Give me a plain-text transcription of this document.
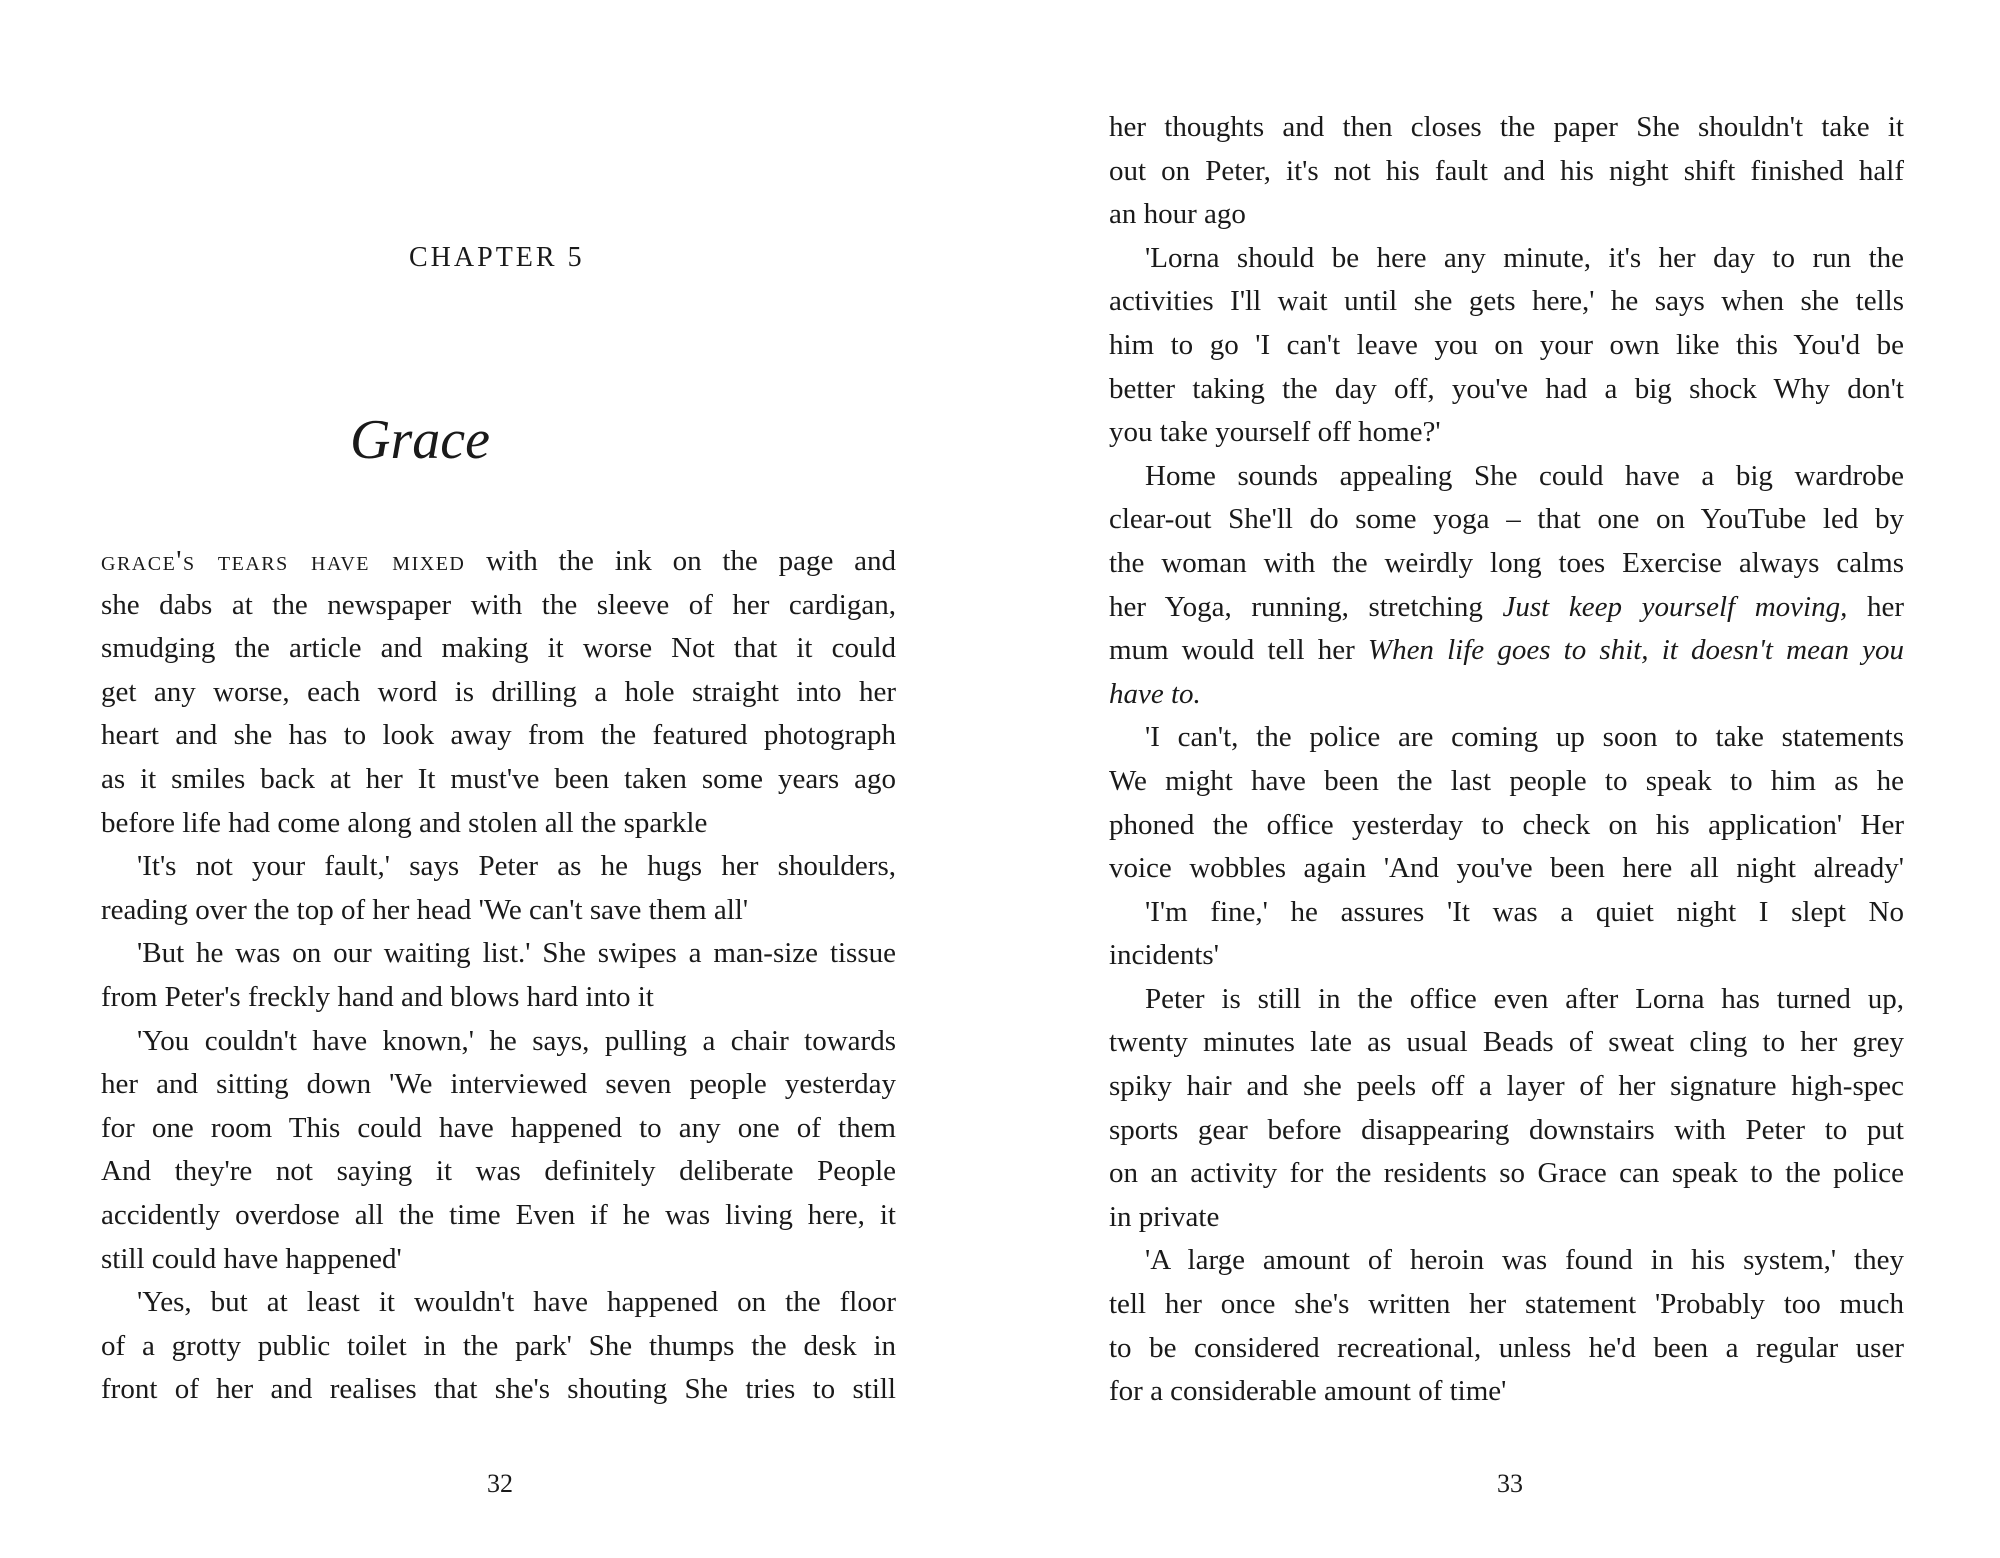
CHAPTER 5
Grace
grace's tears have mixed with the ink on the page and
she dabs at the newspaper with the sleeve of her cardigan,
smudging the article and making it worse Not that it could
get any worse, each word is drilling a hole straight into her
heart and she has to look away from the featured photograph
as it smiles back at her It must've been taken some years ago
before life had come along and stolen all the sparkle
'It's not your fault,' says Peter as he hugs her shoulders,
reading over the top of her head 'We can't save them all'
'But he was on our waiting list.' She swipes a man-size tissue
from Peter's freckly hand and blows hard into it
'You couldn't have known,' he says, pulling a chair towards
her and sitting down 'We interviewed seven people yesterday
for one room This could have happened to any one of them
And they're not saying it was definitely deliberate People
accidently overdose all the time Even if he was living here, it
still could have happened'
'Yes, but at least it wouldn't have happened on the floor
of a grotty public toilet in the park' She thumps the desk in
front of her and realises that she's shouting She tries to still
32
her thoughts and then closes the paper She shouldn't take it
out on Peter, it's not his fault and his night shift finished half
an hour ago
'Lorna should be here any minute, it's her day to run the
activities I'll wait until she gets here,' he says when she tells
him to go 'I can't leave you on your own like this You'd be
better taking the day off, you've had a big shock Why don't
you take yourself off home?'
Home sounds appealing She could have a big wardrobe
clear-out She'll do some yoga – that one on YouTube led by
the woman with the weirdly long toes Exercise always calms
her Yoga, running, stretching Just keep yourself moving, her
mum would tell her When life goes to shit, it doesn't mean you
have to.
'I can't, the police are coming up soon to take statements
We might have been the last people to speak to him as he
phoned the office yesterday to check on his application' Her
voice wobbles again 'And you've been here all night already'
'I'm fine,' he assures 'It was a quiet night I slept No
incidents'
Peter is still in the office even after Lorna has turned up,
twenty minutes late as usual Beads of sweat cling to her grey
spiky hair and she peels off a layer of her signature high-spec
sports gear before disappearing downstairs with Peter to put
on an activity for the residents so Grace can speak to the police
in private
'A large amount of heroin was found in his system,' they
tell her once she's written her statement 'Probably too much
to be considered recreational, unless he'd been a regular user
for a considerable amount of time'
33
